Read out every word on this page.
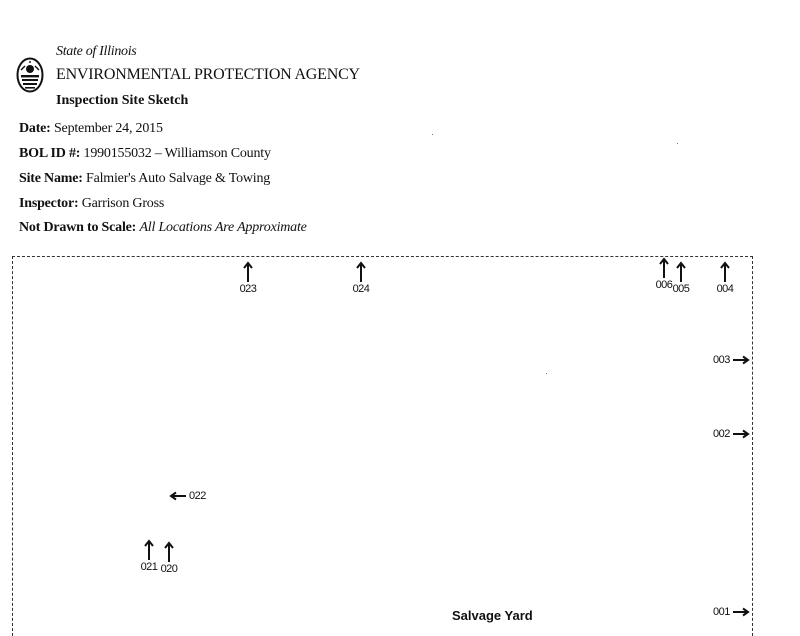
State of Illinois
ENVIRONMENTAL PROTECTION AGENCY
Inspection Site Sketch
Date: September 24, 2015
BOL ID #: 1990155032 – Williamson County
Site Name: Falmier's Auto Salvage & Towing
Inspector: Garrison Gross
Not Drawn to Scale: All Locations Are Approximate
023	024	006 005	004
003
002
001
022
021 020
Salvage Yard
